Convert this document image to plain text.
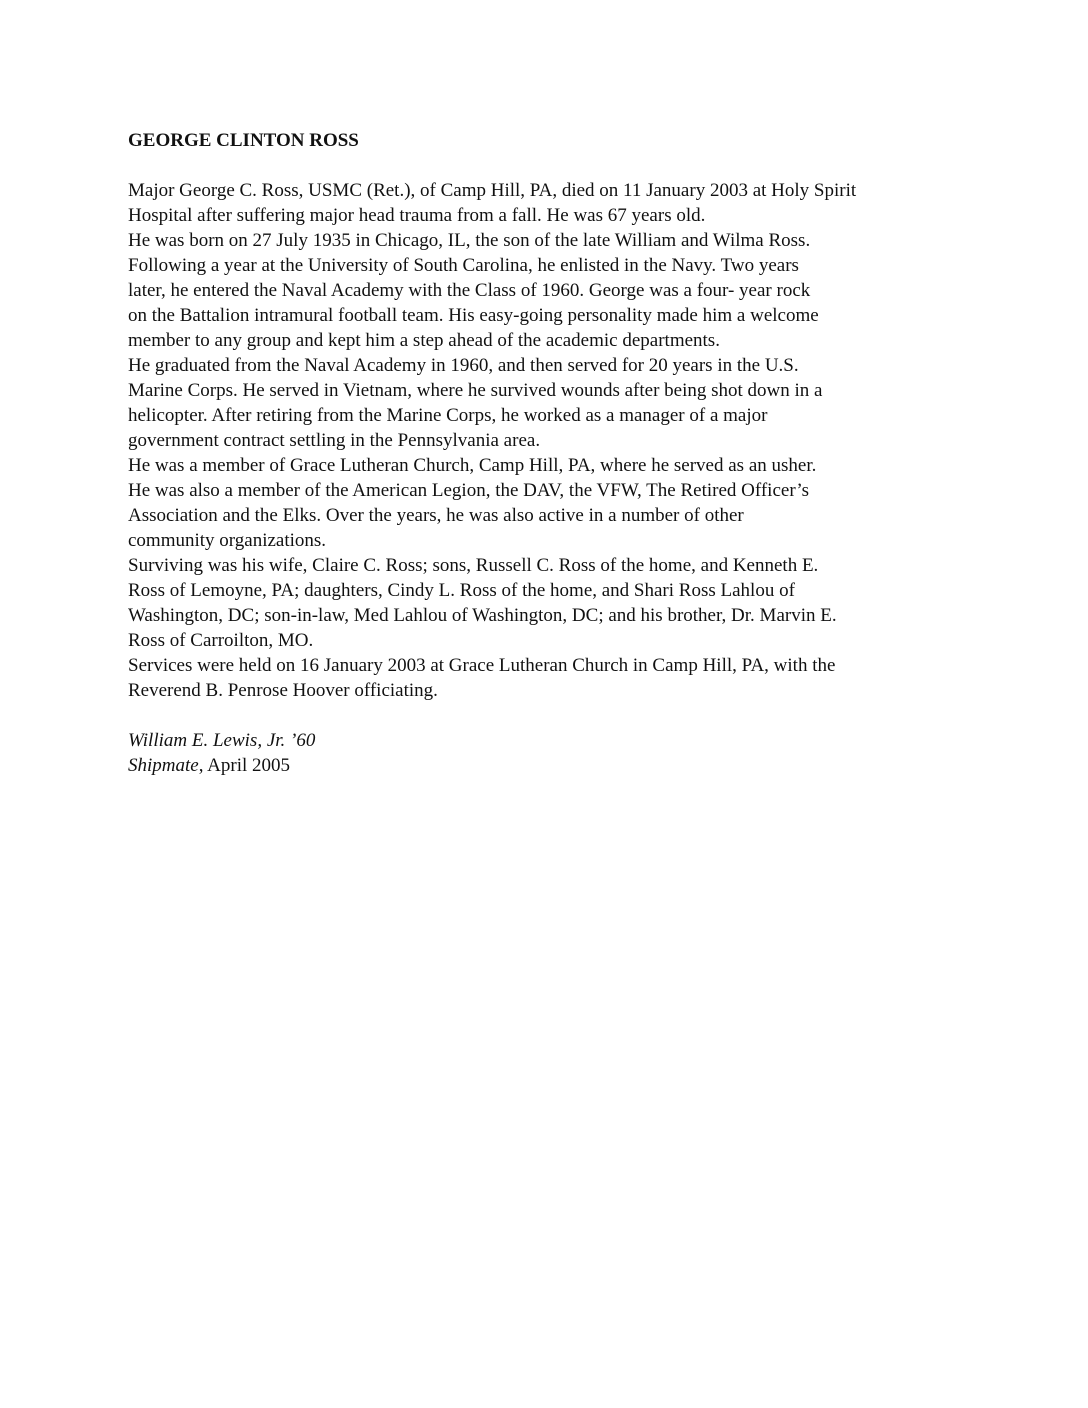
GEORGE CLINTON ROSS
Major George C. Ross, USMC (Ret.), of Camp Hill, PA, died on 11 January 2003 at Holy Spirit
Hospital after suffering major head trauma from a fall. He was 67 years old.
He was born on 27 July 1935 in Chicago, IL, the son of the late William and Wilma Ross.
Following a year at the University of South Carolina, he enlisted in the Navy. Two years
later, he entered the Naval Academy with the Class of 1960. George was a four- year rock
on the Battalion intramural football team. His easy-going personality made him a welcome
member to any group and kept him a step ahead of the academic departments.
He graduated from the Naval Academy in 1960, and then served for 20 years in the U.S.
Marine Corps. He served in Vietnam, where he survived wounds after being shot down in a
helicopter. After retiring from the Marine Corps, he worked as a manager of a major
government contract settling in the Pennsylvania area.
He was a member of Grace Lutheran Church, Camp Hill, PA, where he served as an usher.
He was also a member of the American Legion, the DAV, the VFW, The Retired Officer’s
Association and the Elks. Over the years, he was also active in a number of other
community organizations.
Surviving was his wife, Claire C. Ross; sons, Russell C. Ross of the home, and Kenneth E.
Ross of Lemoyne, PA; daughters, Cindy L. Ross of the home, and Shari Ross Lahlou of
Washington, DC; son-in-law, Med Lahlou of Washington, DC; and his brother, Dr. Marvin E.
Ross of Carroilton, MO.
Services were held on 16 January 2003 at Grace Lutheran Church in Camp Hill, PA, with the
Reverend B. Penrose Hoover officiating.
William E. Lewis, Jr. ’60
Shipmate, April 2005
